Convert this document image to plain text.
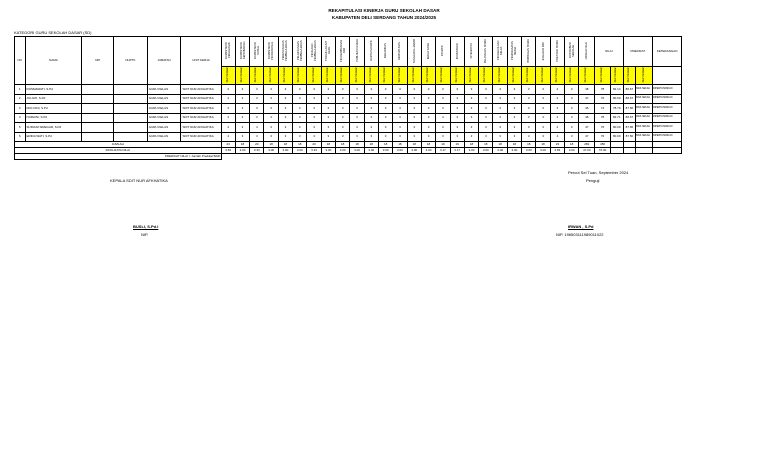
REKAPITULASI KINERJA GURU SEKOLAH DASAR
KABUPATEN DELI SERDANG TAHUN 2024/2025
KATEGORI GURU SEKOLAH DASAR (SD)
NO	NAMA	NIP	NUPTK	JABATAN	UNIT KERJA	KOMPETENSI PEDAGOGIK	KOMPETENSI KEPRIBADIAN	KOMPETENSI SOSIAL	KOMPETENSI PROFESIONAL	PERENCANAAN PEMBELAJARAN	PELAKSANAAN PEMBELAJARAN	PENILAIAN PEMBELAJARAN	TINDAK LANJUT HASIL	PENGEMBANGAN DIRI	PUBLIKASI ILMIAH	KARYA INOVATIF	KEHADIRAN	KEDISIPLINAN	TANGGUNG JAWAB	KERJA SAMA	INISIATIF	KOMUNIKASI	INTEGRITAS	PELAYANAN SISWA	PENGELOLAAN KELAS	PEMANFAATAN MEDIA	BIMBINGAN SISWA	EVALUASI DIRI	PRESTASI SISWA	KONTRIBUSI SEKOLAH	JUMLAH NILAI	NILAI		PREDIKAT		KETERANGAN
						Skor Penilaian	Skor Penilaian	Skor Penilaian	Skor Penilaian	Skor Penilaian	Skor Penilaian	Skor Penilaian	Skor Penilaian	Skor Penilaian	Skor Penilaian	Skor Penilaian	Skor Penilaian	Skor Penilaian	Skor Penilaian	Skor Penilaian	Skor Penilaian	Skor Penilaian	Skor Penilaian	Skor Penilaian	Skor Penilaian	Skor Penilaian	Skor Penilaian	Skor Penilaian	Skor Penilaian	Skor Penilaian	Skor Penilaian	Skor Penilaian	Skor Penilaian	Skor Penilaian	Skor Penilaian	
1	ROSMAWATI, S.Pd			GURU KELAS	SDIT NUR AFKHATIKA	4	3	3	3	3	3	3	4	3	3	3	3	3	3	3	3	3	3	3	3	3	3	3	4	3	48	78	82.14	86.67	BAIK SEKALI	DIPERTAHANKAN
2	JULIATI, S.Pd			GURU KELAS	SDIT NUR AFKHATIKA	4	3	3	3	3	3	3	3	3	3	3	3	3	3	3	3	4	3	3	3	3	3	3	4	3	47	76	80.00	86.67	BAIK SEKALI	DIPERTAHANKAN
3	MULYANI, S.Pd			GURU KELAS	SDIT NUR AFKHATIKA	3	3	3	3	3	3	3	3	3	3	3	3	3	3	3	3	3	3	3	3	3	3	3	3	3	45	74	78.79	87.50	BAIK SEKALI	DIPERTAHANKAN
4	NURAINI, S.Pd			GURU KELAS	SDIT NUR AFKHATIKA	4	3	3	3	3	3	3	3	3	3	3	3	3	3	3	4	3	3	3	3	3	3	3	4	3	48	78	82.71	86.67	BAIK SEKALI	DIPERTAHANKAN
5	SURIANI SIREGAR, S.Pd			GURU KELAS	SDIT NUR AFKHATIKA	4	3	4	3	3	3	3	3	3	3	3	3	3	3	3	3	3	3	3	3	3	3	3	4	3	47	76	80.00	87.50	BAIK SEKALI	DIPERTAHANKAN
6	ERIDA WATI, S.Pd			GURU KELAS	SDIT NUR AFKHATIKA	4	3	3	3	3	3	3	3	3	3	3	3	3	3	3	3	3	3	3	3	3	3	3	4	3	47	76	80.00	87.50	BAIK SEKALI	DIPERTAHANKAN
JUMLAH						23	18	20	18	18	18	20	18	18	18	18	18	18	18	18	19	19	18	18	18	18	18	18	23	18	282	456				
RATA-RATA NILAI						3.83	3.00	3.33	3.00	3.00	3.00	3.33	3.00	3.00	3.00	3.00	3.00	3.00	3.00	3.00	3.17	3.17	3.00	3.00	3.00	3.00	3.00	3.00	3.83	3.00	47.00	76.00				
PREDIKAT NILAI = Jumlah Predikat BAIK																																				
Percut Sei Tuan, September 2024
Penguji
KEPALA SDIT NUR AFKHATIKA
BUSLI, S.Pd.I
NIP.
IRWAN , S.Pd
NIP. 196503111989011022
